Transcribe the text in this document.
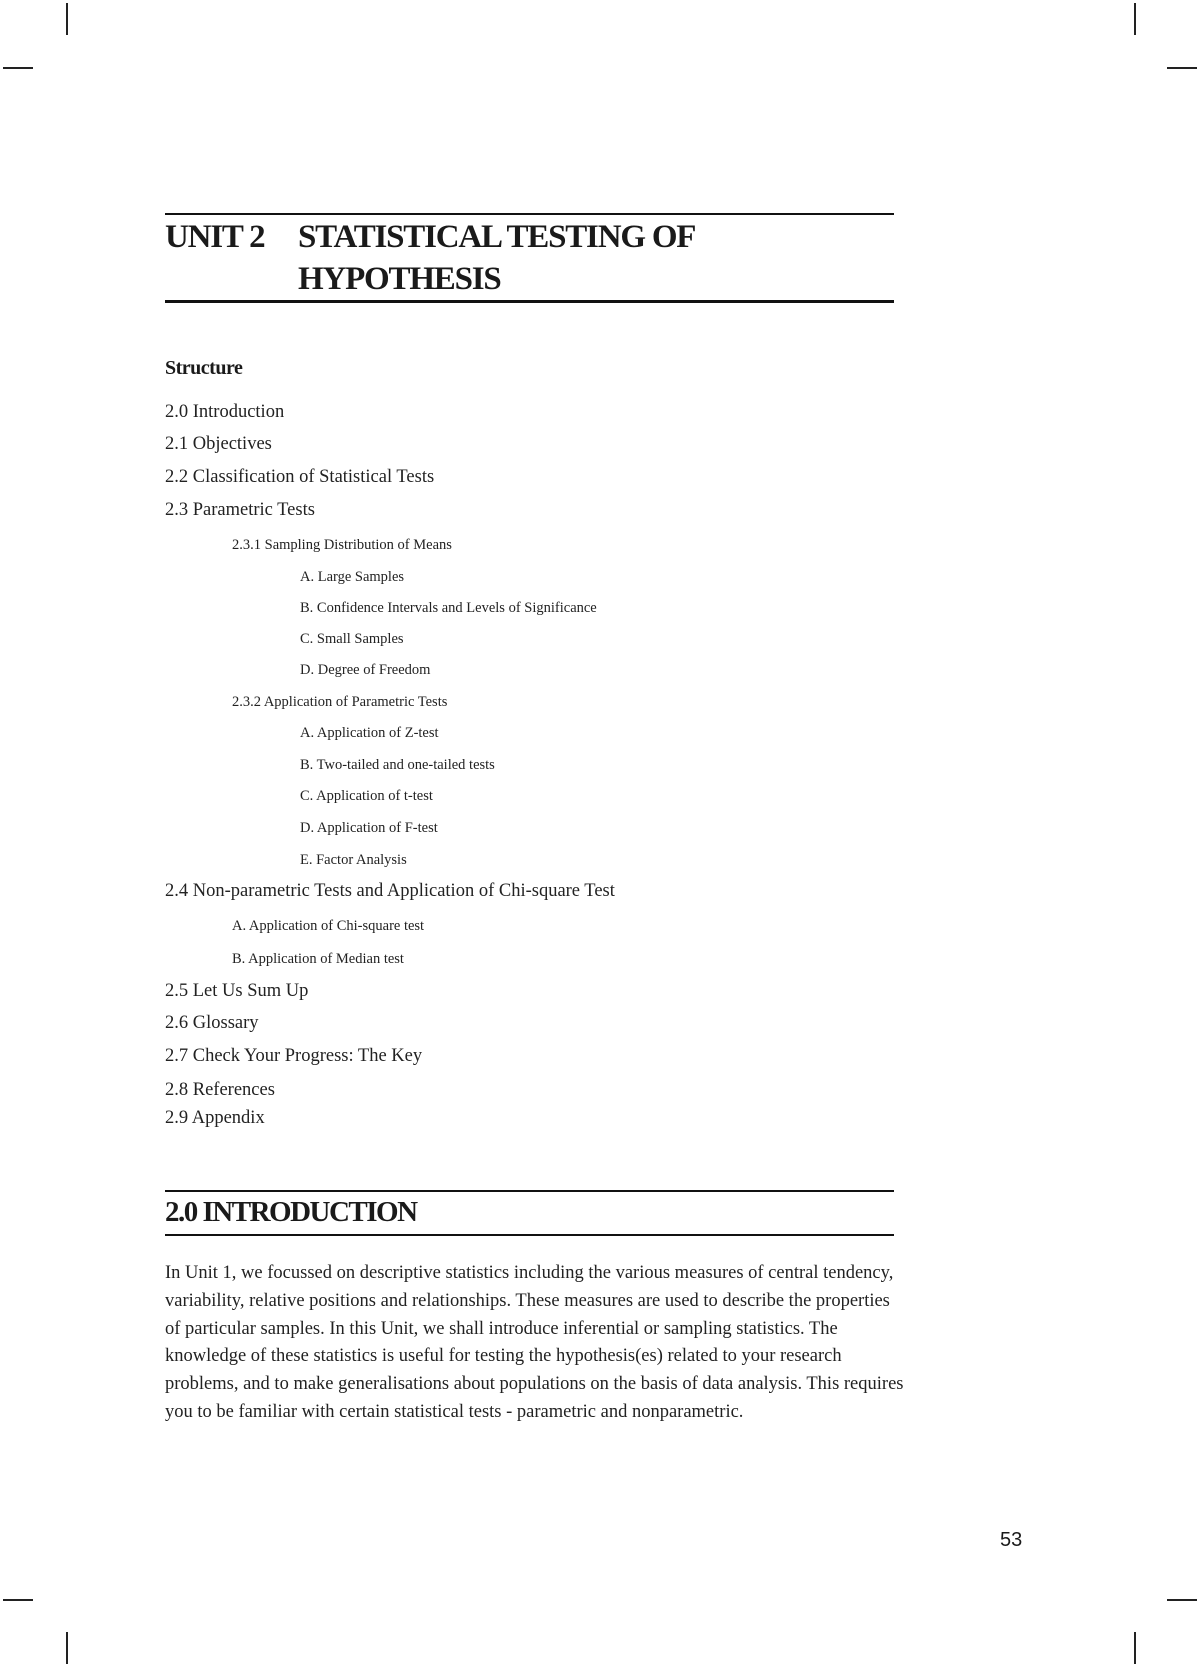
UNIT 2 STATISTICAL TESTING OF HYPOTHESIS
Structure
2.0 Introduction
2.1 Objectives
2.2 Classification of Statistical Tests
2.3 Parametric Tests
2.3.1 Sampling Distribution of Means
A. Large Samples
B. Confidence Intervals and Levels of Significance
C. Small Samples
D. Degree of Freedom
2.3.2 Application of Parametric Tests
A. Application of Z-test
B. Two-tailed and one-tailed tests
C. Application of t-test
D. Application of F-test
E. Factor Analysis
2.4 Non-parametric Tests and Application of Chi-square Test
A. Application of Chi-square test
B. Application of Median test
2.5 Let Us Sum Up
2.6 Glossary
2.7 Check Your Progress: The Key
2.8 References
2.9 Appendix
2.0 INTRODUCTION
In Unit 1, we focussed on descriptive statistics including the various measures of central tendency, variability, relative positions and relationships. These measures are used to describe the properties of particular samples. In this Unit, we shall introduce inferential or sampling statistics. The knowledge of these statistics is useful for testing the hypothesis(es) related to your research problems, and to make generalisations about populations on the basis of data analysis. This requires you to be familiar with certain statistical tests - parametric and nonparametric.
53
